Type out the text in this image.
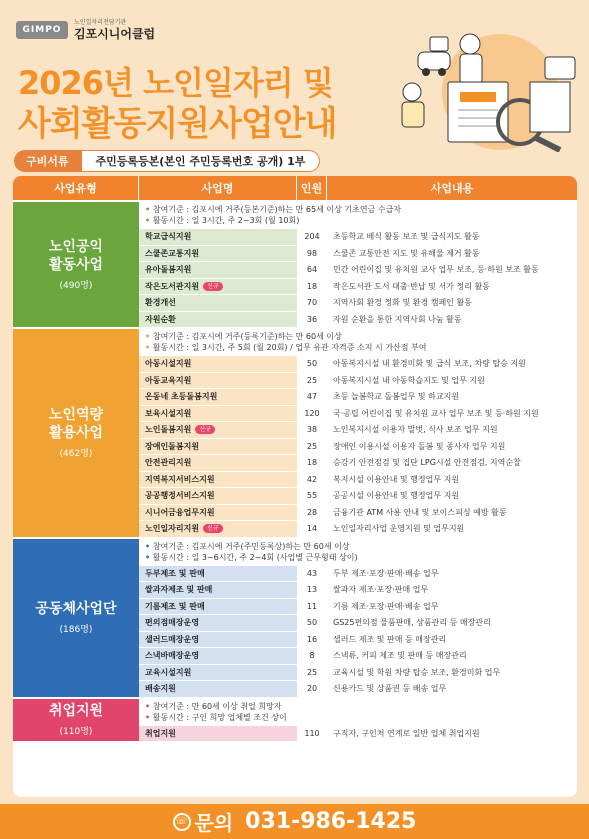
GIMPO
노인일자리전담기관
김포시니어클럽
2026년 노인일자리 및
사회활동지원사업안내
구비서류	주민등록등본(본인 주민등록번호 공개) 1부
사업유형	사업명	인원	사업내용
노인공익
활동사업
(490명)
• 참여기준 : 김포시에 거주(등본기준)하는 만 65세 이상 기초연금 수급자
• 활동시간 : 일 3시간, 주 2~3회 (월 10회)
학교급식지원	204	초등학교 배식 활동 보조 및 급식지도 활동
스쿨존교통지원	98	스쿨존 교통안전 지도 및 유해물 제거 활동
유아돌봄지원	64	민간 어린이집 및 유치원 교사 업무 보조, 등·하원 보조 활동
작은도서관지원	신규	18	작은도서관 도서 대출·반납 및 서가 정리 활동
환경개선	70	지역사회 환경 정화 및 환경 캠페인 활동
자원순환	36	자원 순환을 통한 지역사회 나눔 활동
노인역량
활용사업
(462명)
• 참여기준 : 김포시에 거주(등록기준)하는 만 60세 이상
• 활동시간 : 일 3시간, 주 5회 (월 20회) / 업무 유관 자격증 소지 시 가산점 부여
아동시설지원	50	아동복지시설 내 환경미화 및 급식 보조, 차량 탑승 지원
아동교육지원	25	아동복지시설 내 아동학습지도 및 업무 지원
온동네 초등돌봄지원	47	초등 늘봄학교 돌봄업무 및 하교지원
보육시설지원	120	국·공립 어린이집 및 유치원 교사 업무 보조 및 등·하원 지원
노인돌봄지원	신규	38	노인복지시설 이용자 말벗, 식사 보조 업무 지원
장애인돌봄지원	25	장애인 이용시설 이용자 돌봄 및 종사자 업무 지원
안전관리지원	18	승강기 안전점검 및 집단 LPG시설 안전점검, 지역순찰
지역복지서비스지원	42	복지시설 이용안내 및 행정업무 지원
공공행정서비스지원	55	공공시설 이용안내 및 행정업무 지원
시니어금융업무지원	28	금융기관 ATM 사용 안내 및 보이스피싱 예방 활동
노인일자리지원	신규	14	노인일자리사업 운영지원 및 업무지원
공동체사업단
(186명)
• 참여기준 : 김포시에 거주(주민등록상)하는 만 60세 이상
• 활동시간 : 일 3~6시간, 주 2~4회 (사업별 근무형태 상이)
두부제조 및 판매	43	두부 제조·포장·판매·배송 업무
쌀과자제조 및 판매	13	쌀과자 제조·포장·판매 업무
기름제조 및 판매	11	기름 제조·포장·판매·배송 업무
편의점매장운영	50	GS25편의점 물품판매, 상품관리 등 매장관리
샐러드매장운영	16	샐러드 제조 및 판매 등 매장관리
스낵바매장운영	8	스낵류, 커피 제조 및 판매 등 매장관리
교육시설지원	25	교육시설 및 학원 차량 탑승 보조, 환경미화 업무
배송지원	20	신용카드 및 상품권 등 배송 업무
취업지원
(110명)
• 참여기준 : 만 60세 이상 취업 희망자
• 활동시간 : 구인 희망 업체별 조건 상이
취업지원	110	구직자, 구인처 연계로 일반 업체 취업지원
☏ 문의 031-986-1425
